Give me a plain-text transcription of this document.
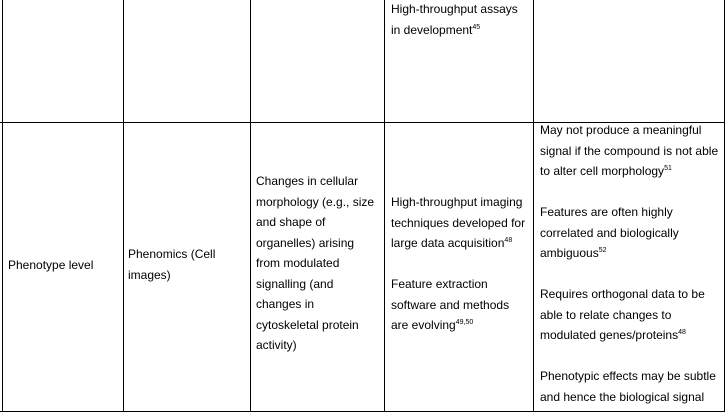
High-throughput assays
in development$^{45}$

Phenotype level
Phenomics (Cell
images)
Changes in cellular
morphology (e.g., size
and shape of
organelles) arising
from modulated
signalling (and
changes in
cytoskeletal protein
activity)

High-throughput imaging
techniques developed for
large data acquisition$^{48}$

Feature extraction
software and methods
are evolving$^{49,50}$

May not produce a meaningful
signal if the compound is not able
to alter cell morphology$^{51}$

Features are often highly
correlated and biologically
ambiguous$^{52}$

Requires orthogonal data to be
able to relate changes to
modulated genes/proteins$^{48}$

Phenotypic effects may be subtle
and hence the biological signal
